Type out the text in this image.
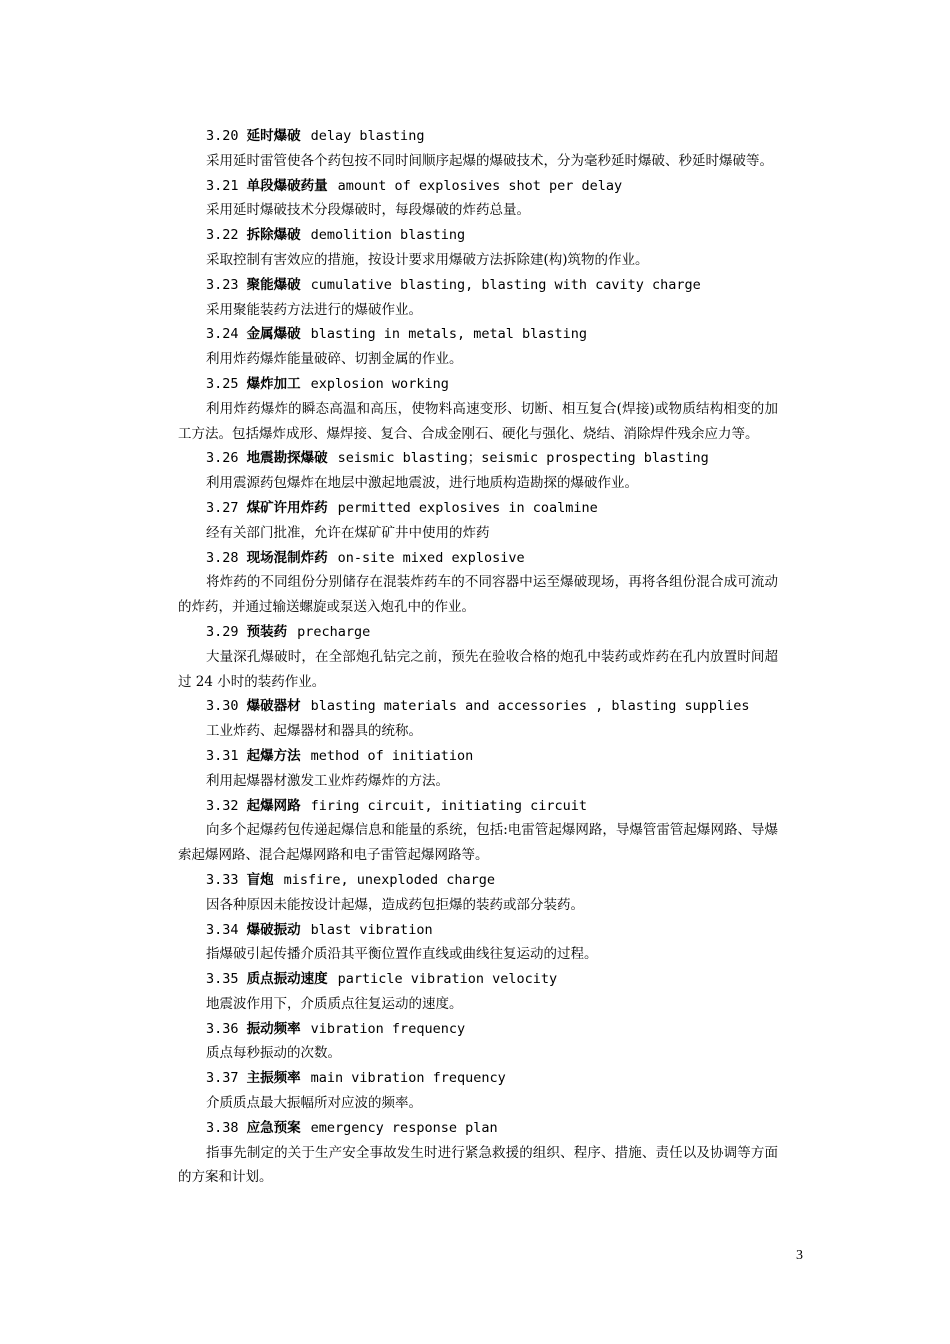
3.20 延时爆破 delay blasting

采用延时雷管使各个药包按不同时间顺序起爆的爆破技术，分为毫秒延时爆破、秒延时爆破等。

3.21 单段爆破药量 amount of explosives shot per delay

采用延时爆破技术分段爆破时，每段爆破的炸药总量。

3.22 拆除爆破 demolition blasting

采取控制有害效应的措施，按设计要求用爆破方法拆除建(构)筑物的作业。

3.23 聚能爆破 cumulative blasting, blasting with cavity charge

采用聚能装药方法进行的爆破作业。

3.24 金属爆破 blasting in metals, metal blasting

利用炸药爆炸能量破碎、切割金属的作业。

3.25 爆炸加工 explosion working

利用炸药爆炸的瞬态高温和高压，使物料高速变形、切断、相互复合(焊接)或物质结构相变的加工方法。包括爆炸成形、爆焊接、复合、合成金刚石、硬化与强化、烧结、消除焊件残余应力等。

3.26 地震勘探爆破 seismic blasting；seismic prospecting blasting

利用震源药包爆炸在地层中激起地震波，进行地质构造勘探的爆破作业。

3.27 煤矿许用炸药 permitted explosives in coalmine

经有关部门批准，允许在煤矿矿井中使用的炸药

3.28 现场混制炸药 on-site mixed explosive

将炸药的不同组份分别储存在混装炸药车的不同容器中运至爆破现场，再将各组份混合成可流动的炸药，并通过输送螺旋或泵送入炮孔中的作业。

3.29 预装药 precharge

大量深孔爆破时，在全部炮孔钻完之前，预先在验收合格的炮孔中装药或炸药在孔内放置时间超过 24 小时的装药作业。

3.30 爆破器材 blasting materials and accessories , blasting supplies

工业炸药、起爆器材和器具的统称。

3.31 起爆方法 method of initiation

利用起爆器材激发工业炸药爆炸的方法。

3.32 起爆网路 firing circuit, initiating circuit

向多个起爆药包传递起爆信息和能量的系统，包括:电雷管起爆网路，导爆管雷管起爆网路、导爆索起爆网路、混合起爆网路和电子雷管起爆网路等。

3.33 盲炮 misfire, unexploded charge

因各种原因未能按设计起爆，造成药包拒爆的装药或部分装药。

3.34 爆破振动 blast vibration

指爆破引起传播介质沿其平衡位置作直线或曲线往复运动的过程。

3.35 质点振动速度 particle vibration velocity

地震波作用下，介质质点往复运动的速度。

3.36 振动频率 vibration frequency

质点每秒振动的次数。

3.37 主振频率 main vibration frequency

介质质点最大振幅所对应波的频率。

3.38 应急预案 emergency response plan

指事先制定的关于生产安全事故发生时进行紧急救援的组织、程序、措施、责任以及协调等方面的方案和计划。

3
